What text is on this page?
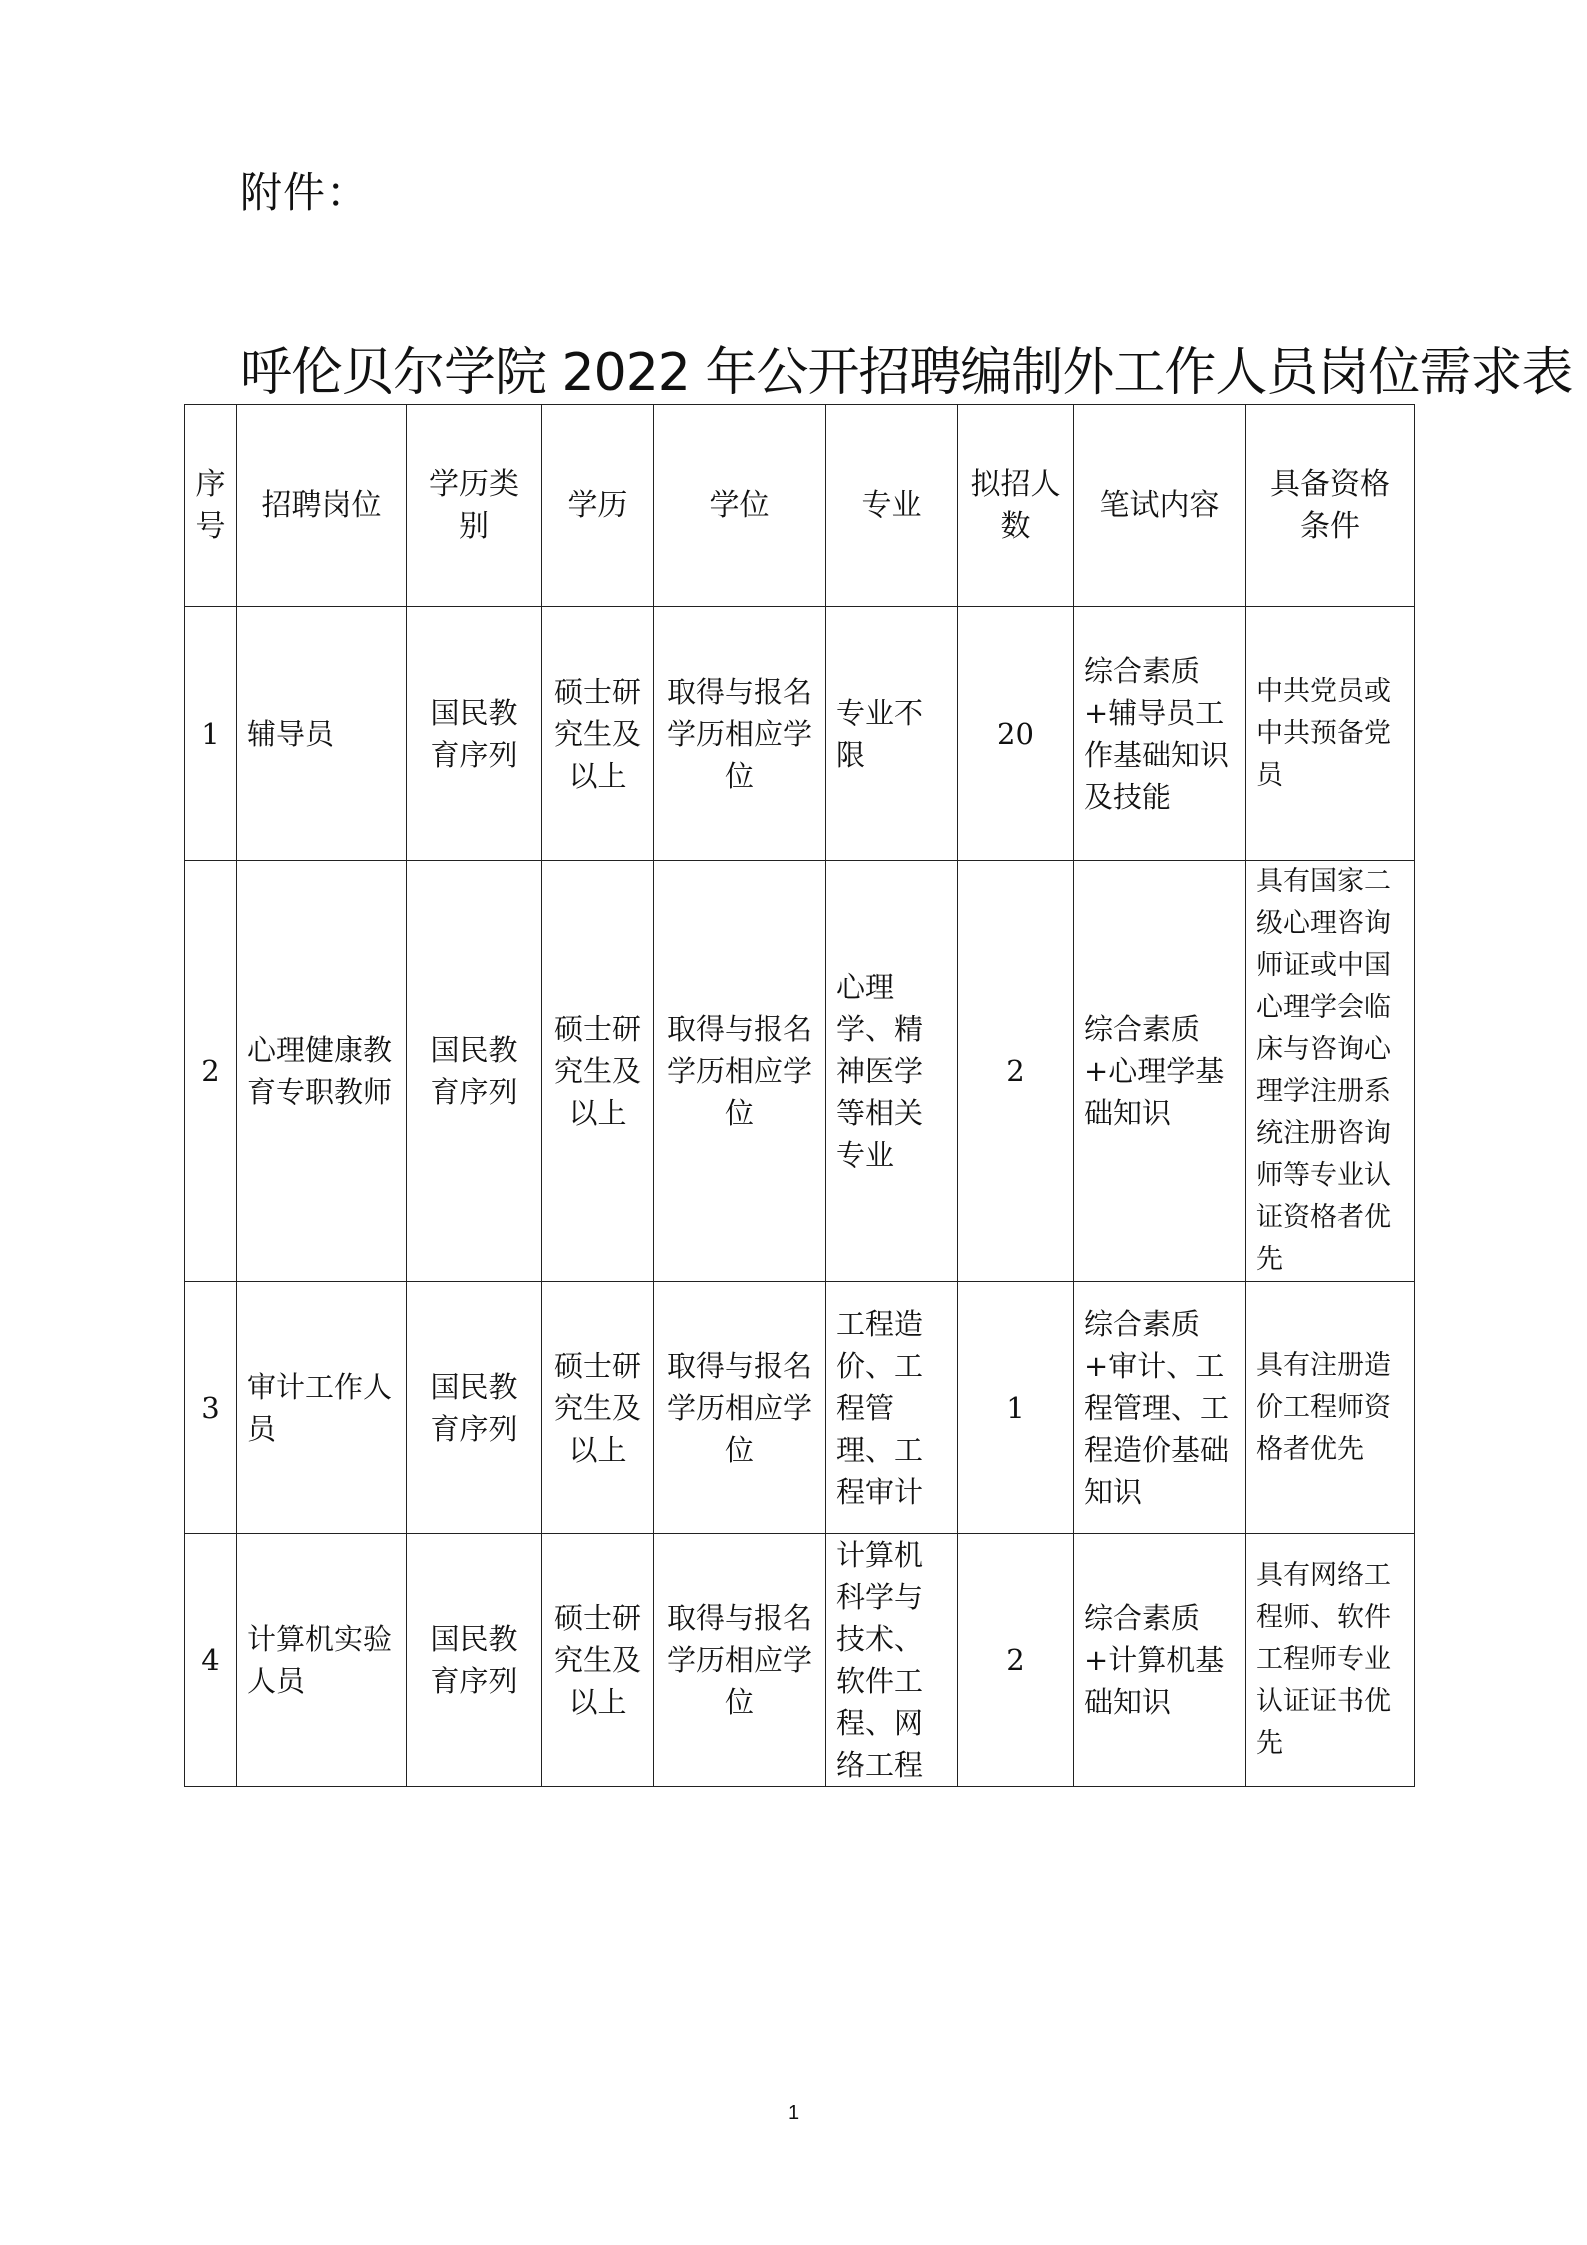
附件：
呼伦贝尔学院 2022 年公开招聘编制外工作人员岗位需求表
序号	招聘岗位	学历类别	学历	学位	专业	拟招人数	笔试内容	具备资格条件
1	辅导员	国民教育序列	硕士研究生及以上	取得与报名学历相应学位	专业不限	20	综合素质+辅导员工作基础知识及技能	中共党员或中共预备党员
2	心理健康教育专职教师	国民教育序列	硕士研究生及以上	取得与报名学历相应学位	心理学、精神医学等相关专业	2	综合素质+心理学基础知识	具有国家二级心理咨询师证或中国心理学会临床与咨询心理学注册系统注册咨询师等专业认证资格者优先
3	审计工作人员	国民教育序列	硕士研究生及以上	取得与报名学历相应学位	工程造价、工程管理、工程审计	1	综合素质+审计、工程管理、工程造价基础知识	具有注册造价工程师资格者优先
4	计算机实验人员	国民教育序列	硕士研究生及以上	取得与报名学历相应学位	计算机科学与技术、软件工程、网络工程	2	综合素质+计算机基础知识	具有网络工程师、软件工程师专业认证证书优先
1
